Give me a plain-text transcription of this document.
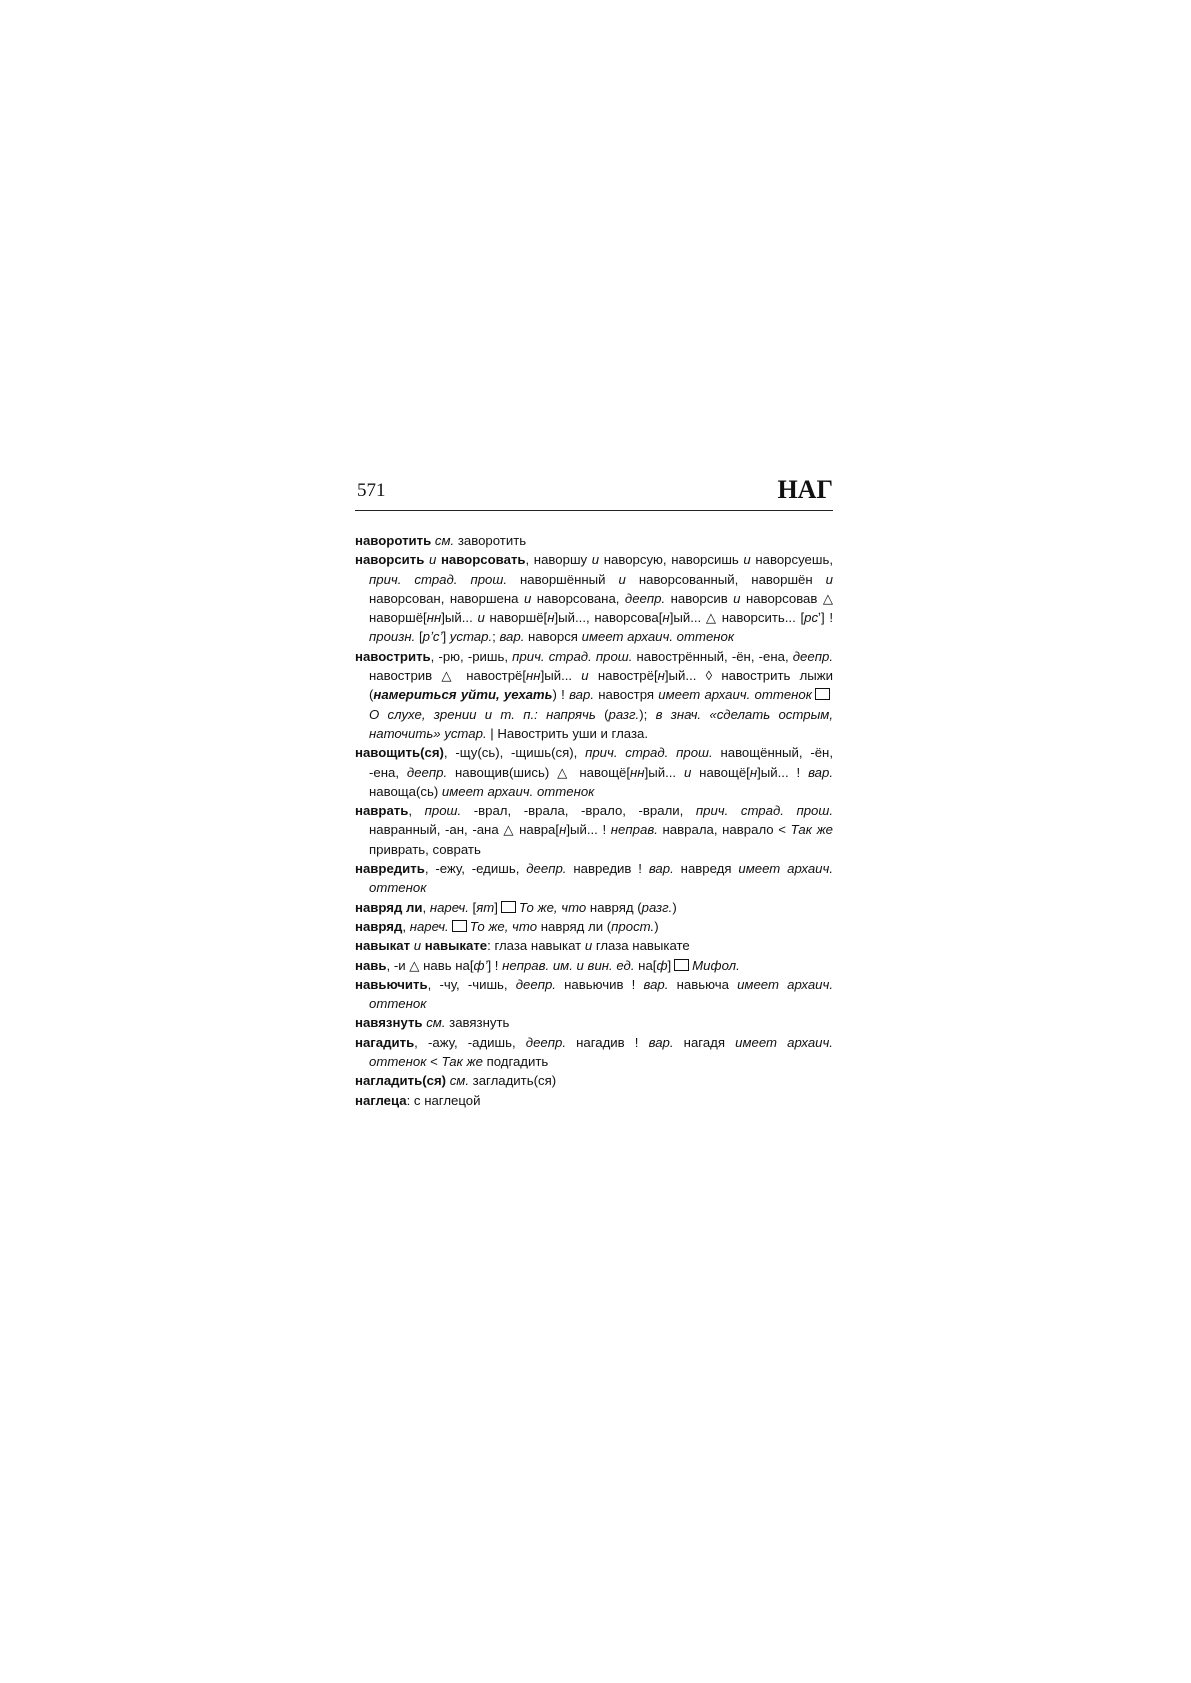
571	НАГ

наворотить см. заворотить

наворсить и наворсовать, наворшу и наворсую, наворсишь и наворсуешь, прич. страд. прош. наворшённый и наворсованный, наворшён и наворсован, наворшена и наворсована, деепр. наворсив и наворсовав △ наворшё[нн]ый... и наворшё[н]ый..., наворсова[н]ый... △ наворсить... [рсʼ] ! произн. [рʼсʼ] устар.; вар. наворся имеет архаич. оттенок

навострить, -рю, -ришь, прич. страд. прош. навострённый, -ён, -ена, деепр. навострив △ навострё[нн]ый... и навострё[н]ый... ◊ навострить лыжи (намериться уйти, уехать) ! вар. навостря имеет архаич. оттенокО слухе, зрении и т. п.: напрячь (разг.); в знач. «сделать острым, наточить» устар. | Навострить уши и глаза.

навощить(ся), -щу(сь), -щишь(ся), прич. страд. прош. навощённый, -ён, -ена, деепр. навощив(шись) △ навощё[нн]ый... и навощё[н]ый... ! вар. навоща(сь) имеет архаич. оттенок

наврать, прош. -врал, -врала, -врало, -врали, прич. страд. прош. навранный, -ан, -ана △ навра[н]ый... ! неправ. наврала, наврало < Так же приврать, соврать

навредить, -ежу, -едишь, деепр. навредив ! вар. навредя имеет архаич. оттенок

навряд ли, нареч. [ят] То же, что навряд (разг.)

навряд, нареч. То же, что навряд ли (прост.)

навыкат и навыкате: глаза навыкат и глаза навыкате

навь, -и △ навь на[фʼ] ! неправ. им. и вин. ед. на[ф] Мифол.

навьючить, -чу, -чишь, деепр. навьючив ! вар. навьюча имеет архаич. оттенок

навязнуть см. завязнуть

нагадить, -ажу, -адишь, деепр. нагадив ! вар. нагадя имеет архаич. оттенок < Так же подгадить

нагладить(ся) см. загладить(ся)

наглеца: с наглецой
